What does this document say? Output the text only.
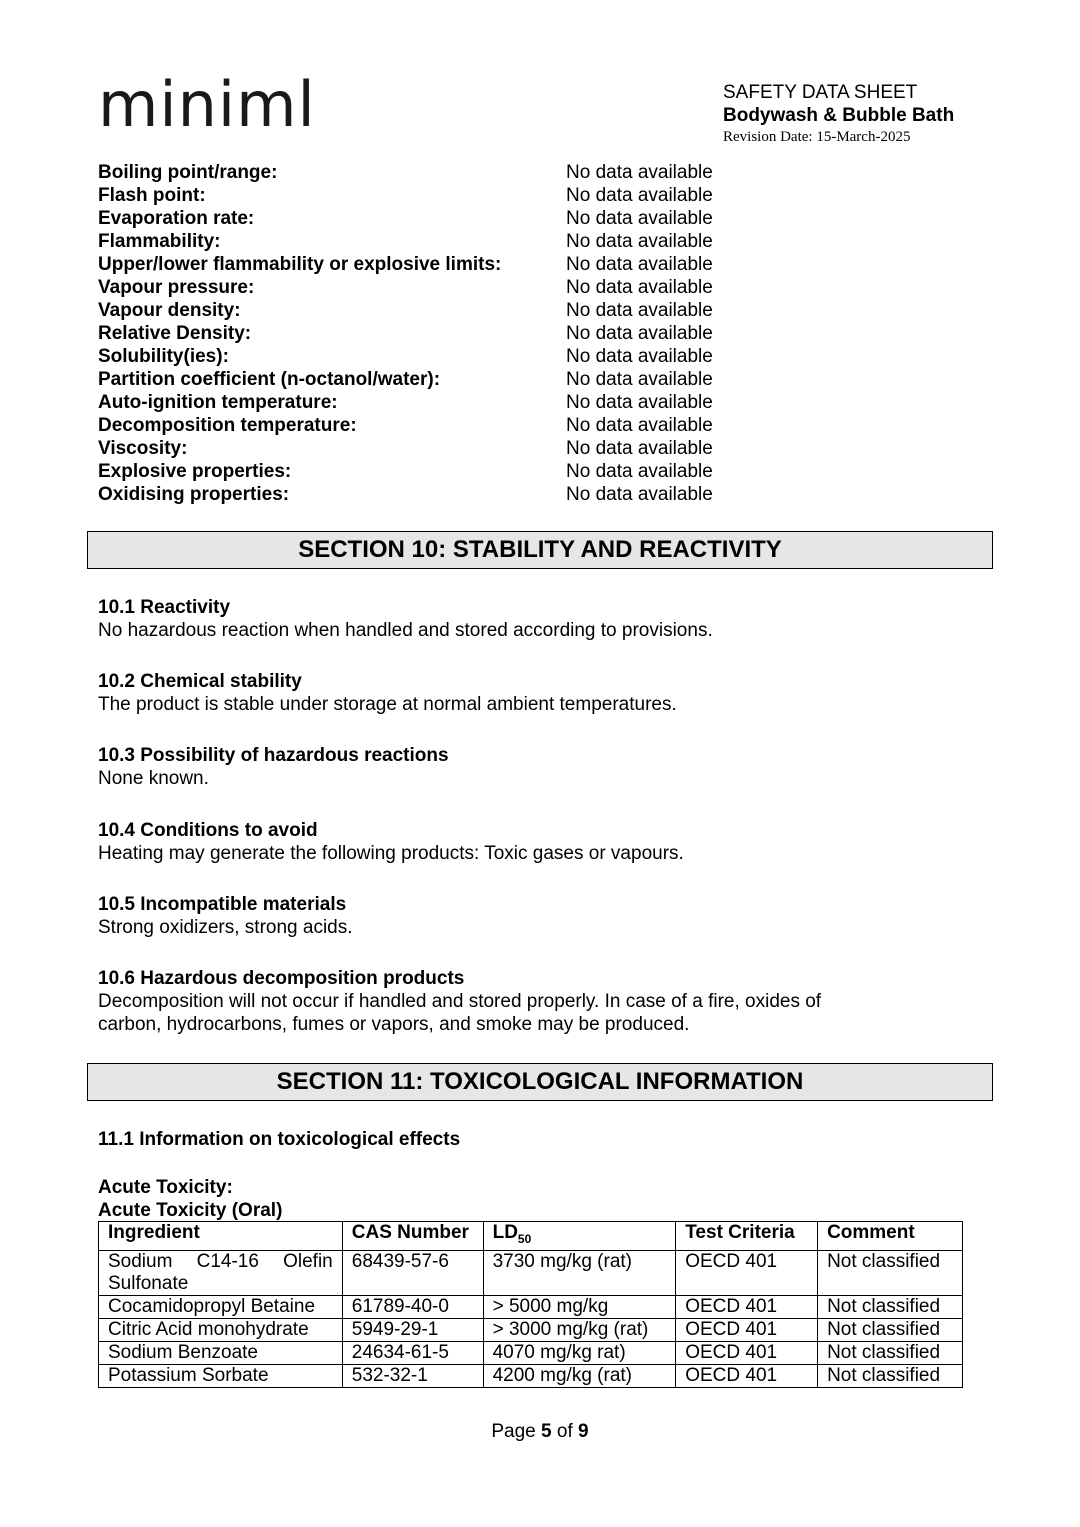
miniml	SAFETY DATA SHEET
Bodywash & Bubble Bath
Revision Date: 15-March-2025
Boiling point/range:	No data available
Flash point:	No data available
Evaporation rate:	No data available
Flammability:	No data available
Upper/lower flammability or explosive limits:	No data available
Vapour pressure:	No data available
Vapour density:	No data available
Relative Density:	No data available
Solubility(ies):	No data available
Partition coefficient (n-octanol/water):	No data available
Auto-ignition temperature:	No data available
Decomposition temperature:	No data available
Viscosity:	No data available
Explosive properties:	No data available
Oxidising properties:	No data available
SECTION 10: STABILITY AND REACTIVITY
10.1 Reactivity
No hazardous reaction when handled and stored according to provisions.
10.2 Chemical stability
The product is stable under storage at normal ambient temperatures.
10.3 Possibility of hazardous reactions
None known.
10.4 Conditions to avoid
Heating may generate the following products: Toxic gases or vapours.
10.5 Incompatible materials
Strong oxidizers, strong acids.
10.6 Hazardous decomposition products
Decomposition will not occur if handled and stored properly. In case of a fire, oxides of carbon, hydrocarbons, fumes or vapors, and smoke may be produced.
SECTION 11: TOXICOLOGICAL INFORMATION
11.1 Information on toxicological effects
Acute Toxicity:
Acute Toxicity (Oral)
Ingredient	CAS Number	$LD_{50}$	Test Criteria	Comment
Sodium C14-16 Olefin Sulfonate	68439-57-6	3730 mg/kg (rat)	OECD 401	Not classified
Cocamidopropyl Betaine	61789-40-0	> 5000 mg/kg	OECD 401	Not classified
Citric Acid monohydrate	5949-29-1	> 3000 mg/kg (rat)	OECD 401	Not classified
Sodium Benzoate	24634-61-5	4070 mg/kg rat)	OECD 401	Not classified
Potassium Sorbate	532-32-1	4200 mg/kg (rat)	OECD 401	Not classified
Page 5 of 9
